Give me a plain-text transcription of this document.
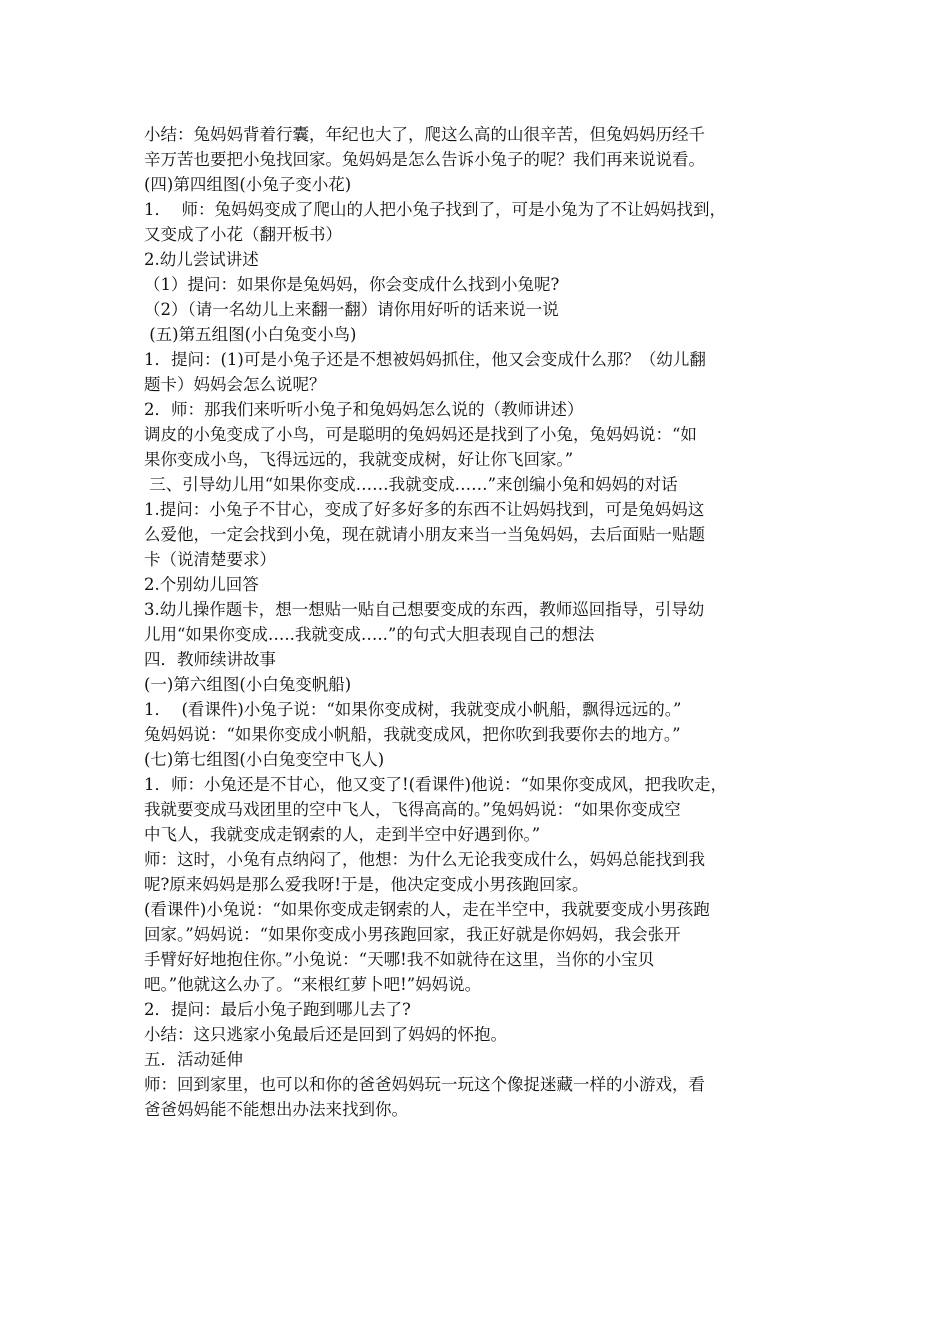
小结：兔妈妈背着行囊，年纪也大了，爬这么高的山很辛苦，但兔妈妈历经千
辛万苦也要把小兔找回家。兔妈妈是怎么告诉小兔子的呢？我们再来说说看。
(四)第四组图(小兔子变小花)
1．  师：兔妈妈变成了爬山的人把小兔子找到了，可是小兔为了不让妈妈找到，
又变成了小花（翻开板书）
2.幼儿尝试讲述
（1）提问：如果你是兔妈妈，你会变成什么找到小兔呢?
（2）（请一名幼儿上来翻一翻）请你用好听的话来说一说
(五)第五组图(小白兔变小鸟)
1．提问：(1)可是小兔子还是不想被妈妈抓住，他又会变成什么那？（幼儿翻
题卡）妈妈会怎么说呢？
2．师：那我们来听听小兔子和兔妈妈怎么说的（教师讲述）
调皮的小兔变成了小鸟，可是聪明的兔妈妈还是找到了小兔，兔妈妈说：“如
果你变成小鸟，飞得远远的，我就变成树，好让你飞回家。”
三、引导幼儿用“如果你变成……我就变成……”来创编小兔和妈妈的对话
1.提问：小兔子不甘心，变成了好多好多的东西不让妈妈找到，可是兔妈妈这
么爱他，一定会找到小兔，现在就请小朋友来当一当兔妈妈，去后面贴一贴题
卡（说清楚要求）
2.个别幼儿回答
3.幼儿操作题卡，想一想贴一贴自己想要变成的东西，教师巡回指导，引导幼
儿用“如果你变成…..我就变成…..”的句式大胆表现自己的想法
四．教师续讲故事
(一)第六组图(小白兔变帆船)
1．  (看课件)小兔子说：“如果你变成树，我就变成小帆船，飘得远远的。”
兔妈妈说：“如果你变成小帆船，我就变成风，把你吹到我要你去的地方。”
(七)第七组图(小白兔变空中飞人)
1．师：小兔还是不甘心，他又变了!(看课件)他说：“如果你变成风，把我吹走，
我就要变成马戏团里的空中飞人，飞得高高的。”兔妈妈说：“如果你变成空
中飞人，我就变成走钢索的人，走到半空中好遇到你。”
师：这时，小兔有点纳闷了，他想：为什么无论我变成什么，妈妈总能找到我
呢?原来妈妈是那么爱我呀!于是，他决定变成小男孩跑回家。
(看课件)小兔说：“如果你变成走钢索的人，走在半空中，我就要变成小男孩跑
回家。”妈妈说：“如果你变成小男孩跑回家，我正好就是你妈妈，我会张开
手臂好好地抱住你。”小兔说：“天哪!我不如就待在这里，当你的小宝贝
吧。”他就这么办了。“来根红萝卜吧!”妈妈说。
2．提问：最后小兔子跑到哪儿去了?
小结：这只逃家小兔最后还是回到了妈妈的怀抱。
五．活动延伸
师：回到家里，也可以和你的爸爸妈妈玩一玩这个像捉迷藏一样的小游戏，看
爸爸妈妈能不能想出办法来找到你。
